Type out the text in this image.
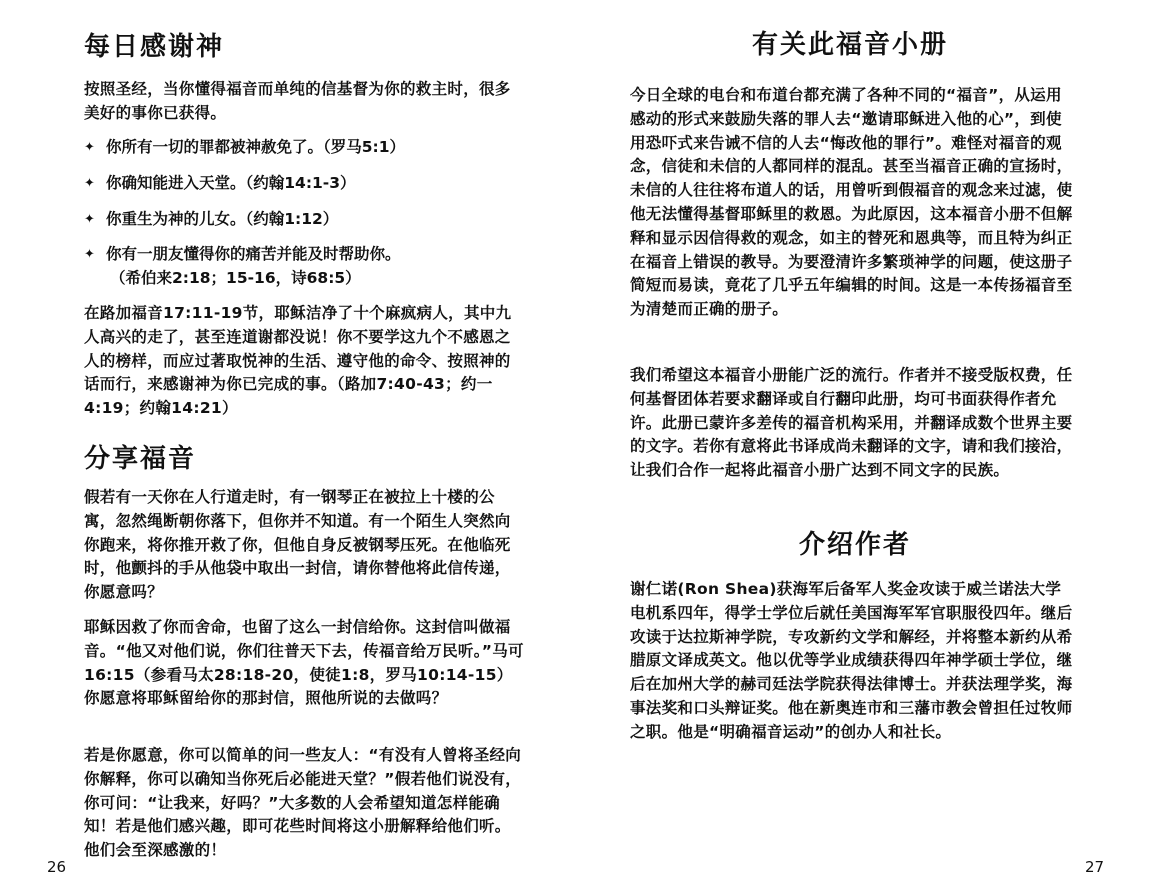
每日感谢神

按照圣经，当你懂得福音而单纯的信基督为你的救主时，很多美好的事你已获得。

✦ 你所有一切的罪都被神赦免了。（罗马5:1）
✦ 你确知能进入天堂。（约翰14:1-3）
✦ 你重生为神的儿女。（约翰1:12）
✦ 你有一朋友懂得你的痛苦并能及时帮助你。
（希伯来2:18；15-16，诗68:5）

在路加福音17:11-19节，耶稣洁净了十个麻疯病人，其中九人高兴的走了，甚至连道谢都没说！你不要学这九个不感恩之人的榜样，而应过著取悦神的生活、遵守他的命令、按照神的话而行，来感谢神为你已完成的事。（路加7:40-43；约一4:19；约翰14:21）

分享福音

假若有一天你在人行道走时，有一钢琴正在被拉上十楼的公寓，忽然绳断朝你落下，但你并不知道。有一个陌生人突然向你跑来，将你推开救了你，但他自身反被钢琴压死。在他临死时，他颤抖的手从他袋中取出一封信，请你替他将此信传递，你愿意吗？

耶稣因救了你而舍命，也留了这么一封信给你。这封信叫做福音。“他又对他们说，你们往普天下去，传福音给万民听。”马可16:15（参看马太28:18-20，使徒1:8，罗马10:14-15）你愿意将耶稣留给你的那封信，照他所说的去做吗？

若是你愿意，你可以简单的问一些友人：“有没有人曾将圣经向你解释，你可以确知当你死后必能进天堂？”假若他们说没有，你可问：“让我来，好吗？”大多数的人会希望知道怎样能确知！若是他们感兴趣，即可花些时间将这小册解释给他们听。他们会至深感激的！

26
有关此福音小册

今日全球的电台和布道台都充满了各种不同的“福音”，从运用感动的形式来鼓励失落的罪人去“邀请耶稣进入他的心”，到使用恐吓式来告诫不信的人去“悔改他的罪行”。难怪对福音的观念，信徒和未信的人都同样的混乱。甚至当福音正确的宣扬时，未信的人往往将布道人的话，用曾听到假福音的观念来过滤，使他无法懂得基督耶稣里的救恩。为此原因，这本福音小册不但解释和显示因信得救的观念，如主的替死和恩典等，而且特为纠正在福音上错误的教导。为要澄清许多繁琐神学的问题，使这册子简短而易读，竟花了几乎五年编辑的时间。这是一本传扬福音至为清楚而正确的册子。

我们希望这本福音小册能广泛的流行。作者并不接受版权费，任何基督团体若要求翻译或自行翻印此册，均可书面获得作者允许。此册已蒙许多差传的福音机构采用，并翻译成数个世界主要的文字。若你有意将此书译成尚未翻译的文字，请和我们接洽，让我们合作一起将此福音小册广达到不同文字的民族。

介绍作者

谢仁诺(Ron Shea)获海军后备军人奖金攻读于威兰诺法大学电机系四年，得学士学位后就任美国海军军官职服役四年。继后攻读于达拉斯神学院，专攻新约文学和解经，并将整本新约从希腊原文译成英文。他以优等学业成绩获得四年神学硕士学位，继后在加州大学的赫司廷法学院获得法律博士。并获法理学奖，海事法奖和口头辩证奖。他在新奥连市和三藩市教会曾担任过牧师之职。他是“明确福音运动”的创办人和社长。

27
